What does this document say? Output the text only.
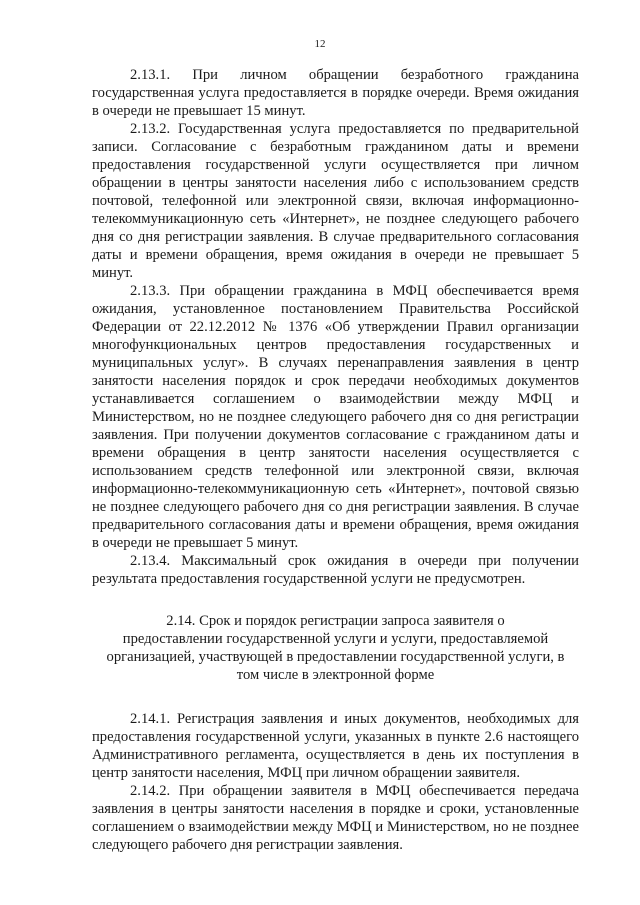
12

2.13.1. При личном обращении безработного гражданина государственная услуга предоставляется в порядке очереди. Время ожидания в очереди не превышает 15 минут.

2.13.2. Государственная услуга предоставляется по предварительной записи. Согласование с безработным гражданином даты и времени предоставления государственной услуги осуществляется при личном обращении в центры занятости населения либо с использованием средств почтовой, телефонной или электронной связи, включая информационно-телекоммуникационную сеть «Интернет», не позднее следующего рабочего дня со дня регистрации заявления. В случае предварительного согласования даты и времени обращения, время ожидания в очереди не превышает 5 минут.

2.13.3. При обращении гражданина в МФЦ обеспечивается время ожидания, установленное постановлением Правительства Российской Федерации от 22.12.2012 № 1376 «Об утверждении Правил организации многофункциональных центров предоставления государственных и муниципальных услуг». В случаях перенаправления заявления в центр занятости населения порядок и срок передачи необходимых документов устанавливается соглашением о взаимодействии между МФЦ и Министерством, но не позднее следующего рабочего дня со дня регистрации заявления. При получении документов согласование с гражданином даты и времени обращения в центр занятости населения осуществляется с использованием средств телефонной или электронной связи, включая информационно-телекоммуникационную сеть «Интернет», почтовой связью не позднее следующего рабочего дня со дня регистрации заявления. В случае предварительного согласования даты и времени обращения, время ожидания в очереди не превышает 5 минут.

2.13.4. Максимальный срок ожидания в очереди при получении результата предоставления государственной услуги не предусмотрен.

2.14. Срок и порядок регистрации запроса заявителя о
предоставлении государственной услуги и услуги, предоставляемой
организацией, участвующей в предоставлении государственной услуги, в
том числе в электронной форме

2.14.1. Регистрация заявления и иных документов, необходимых для предоставления государственной услуги, указанных в пункте 2.6 настоящего Административного регламента, осуществляется в день их поступления в центр занятости населения, МФЦ при личном обращении заявителя.

2.14.2. При обращении заявителя в МФЦ обеспечивается передача заявления в центры занятости населения в порядке и сроки, установленные соглашением о взаимодействии между МФЦ и Министерством, но не позднее следующего рабочего дня регистрации заявления.
